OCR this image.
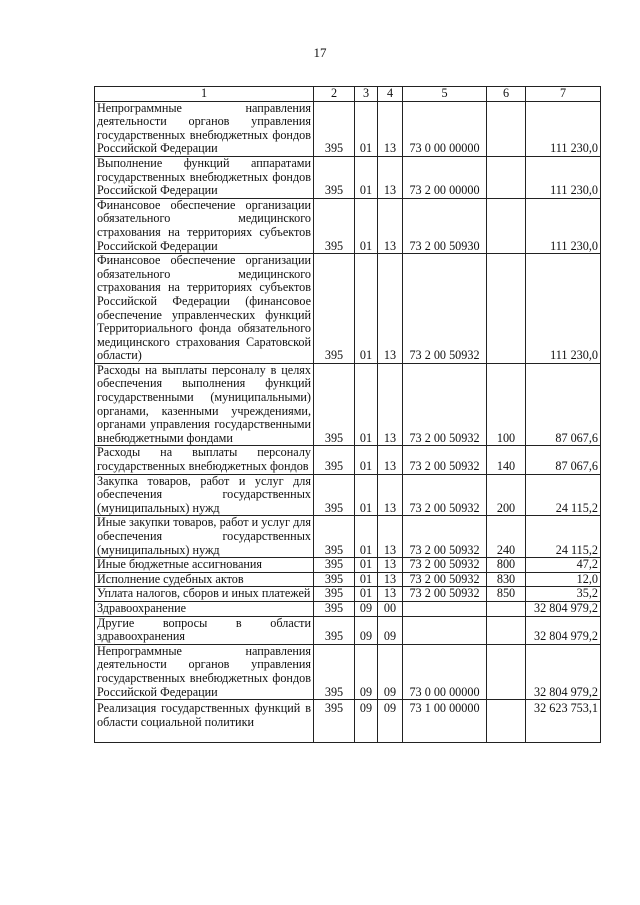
17
1	2	3	4	5	6	7
Непрограммные направления деятельности органов управления государственных внебюджетных фондов Российской Федерации	395	01	13	73 0 00 00000		111 230,0
Выполнение функций аппаратами государственных внебюджетных фондов Российской Федерации	395	01	13	73 2 00 00000		111 230,0
Финансовое обеспечение организации обязательного медицинского страхования на территориях субъектов Российской Федерации	395	01	13	73 2 00 50930		111 230,0
Финансовое обеспечение организации обязательного медицинского страхования на территориях субъектов Российской Федерации (финансовое обеспечение управленческих функций Территориального фонда обязательного медицинского страхования Саратовской области)	395	01	13	73 2 00 50932		111 230,0
Расходы на выплаты персоналу в целях обеспечения выполнения функций государственными (муниципальными) органами, казенными учреждениями, органами управления государственными внебюджетными фондами	395	01	13	73 2 00 50932	100	87 067,6
Расходы на выплаты персоналу государственных внебюджетных фондов	395	01	13	73 2 00 50932	140	87 067,6
Закупка товаров, работ и услуг для обеспечения государственных (муниципальных) нужд	395	01	13	73 2 00 50932	200	24 115,2
Иные закупки товаров, работ и услуг для обеспечения государственных (муниципальных) нужд	395	01	13	73 2 00 50932	240	24 115,2
Иные бюджетные ассигнования	395	01	13	73 2 00 50932	800	47,2
Исполнение судебных актов	395	01	13	73 2 00 50932	830	12,0
Уплата налогов, сборов и иных платежей	395	01	13	73 2 00 50932	850	35,2
Здравоохранение	395	09	00			32 804 979,2
Другие вопросы в области здравоохранения	395	09	09			32 804 979,2
Непрограммные направления деятельности органов управления государственных внебюджетных фондов Российской Федерации	395	09	09	73 0 00 00000		32 804 979,2
Реализация государственных функций в области социальной политики	395	09	09	73 1 00 00000		32 623 753,1
